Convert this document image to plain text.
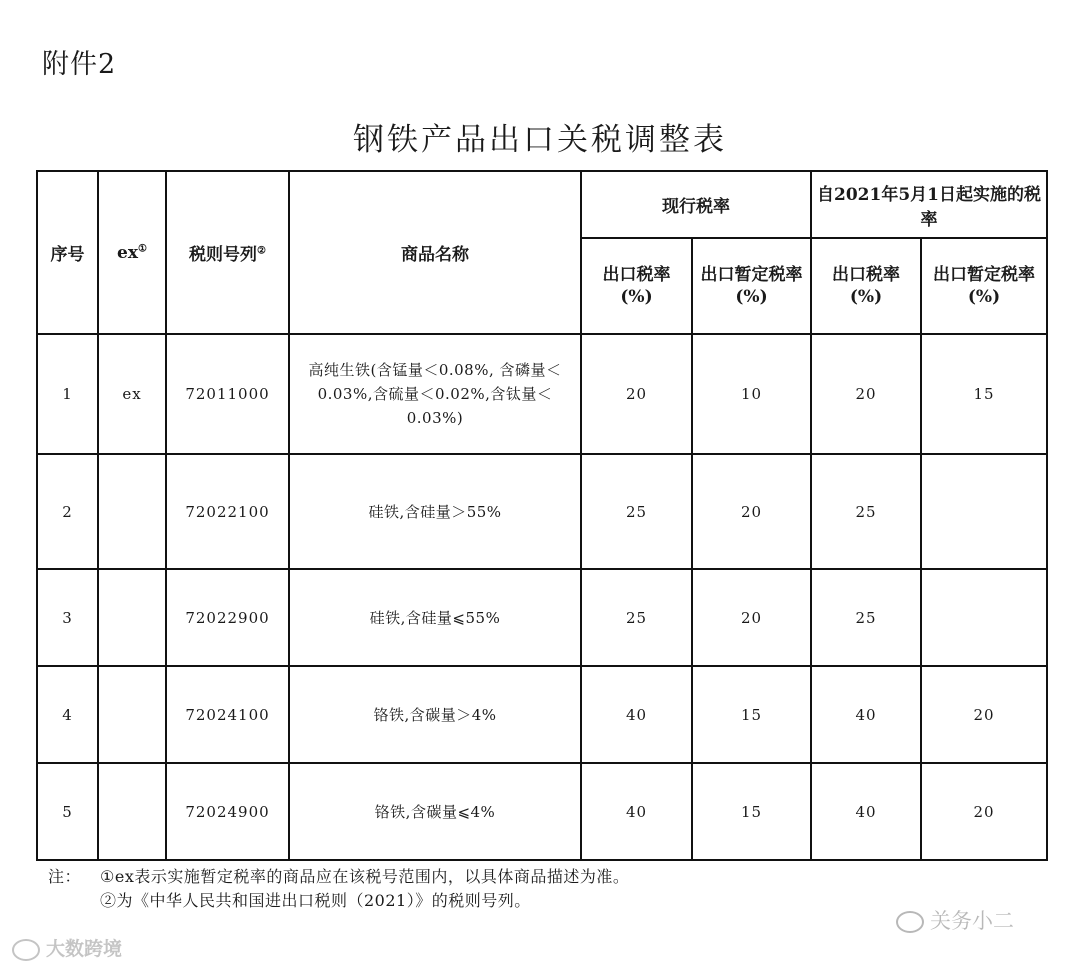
附件2
钢铁产品出口关税调整表
序号	ex①	税则号列②	商品名称	现行税率		自2021年5月1日起实施的税率	
				出口税率 (%)	出口暂定税率(%)	出口税率 (%)	出口暂定税率(%)
1	ex	72011000	高纯生铁(含锰量＜0.08%, 含磷量＜0.03%,含硫量＜0.02%,含钛量＜0.03%)	20	10	20	15
2		72022100	硅铁,含硅量＞55%	25	20	25	
3		72022900	硅铁,含硅量⩽55%	25	20	25	
4		72024100	铬铁,含碳量＞4%	40	15	40	20
5		72024900	铬铁,含碳量⩽4%	40	15	40	20
注： ①ex表示实施暂定税率的商品应在该税号范围内，以具体商品描述为准。
②为《中华人民共和国进出口税则（2021）》的税则号列。
大数跨境
关务小二
